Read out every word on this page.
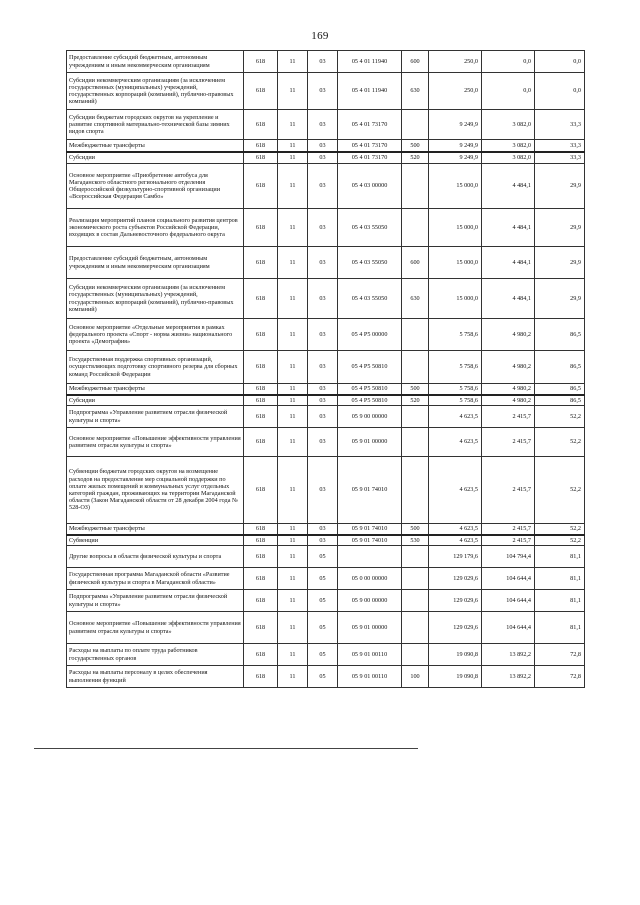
169
Предоставление субсидий бюджетным, автономным учреждениям и иным некоммерческим организациям	618	11	03	05 4 01 11940	600	250,0	0,0	0,0
Субсидии некоммерческим организациям (за исключением государственных (муниципальных) учреждений, государственных корпораций (компаний), публично-правовых компаний)	618	11	03	05 4 01 11940	630	250,0	0,0	0,0
Субсидии бюджетам городских округов на укрепление и развитие спортивной материально-технической базы зимних видов спорта	618	11	03	05 4 01 73170		9 249,9	3 082,0	33,3
Межбюджетные трансферты	618	11	03	05 4 01 73170	500	9 249,9	3 082,0	33,3
Субсидии	618	11	03	05 4 01 73170	520	9 249,9	3 082,0	33,3
Основное мероприятие «Приобретение автобуса для Магаданского областного регионального отделения Общероссийской физкультурно-спортивной организации «Всероссийская Федерация Самбо»	618	11	03	05 4 03 00000		15 000,0	4 484,1	29,9
Реализация мероприятий планов социального развития центров экономического роста субъектов Российской Федерации, входящих в состав Дальневосточного федерального округа	618	11	03	05 4 03 55050		15 000,0	4 484,1	29,9
Предоставление субсидий бюджетным, автономным учреждениям и иным некоммерческим организациям	618	11	03	05 4 03 55050	600	15 000,0	4 484,1	29,9
Субсидии некоммерческим организациям (за исключением государственных (муниципальных) учреждений, государственных корпораций (компаний), публично-правовых компаний)	618	11	03	05 4 03 55050	630	15 000,0	4 484,1	29,9
Основное мероприятие «Отдельные мероприятия в рамках федерального проекта «Спорт - норма жизни» национального проекта «Демография»	618	11	03	05 4 P5 00000		5 758,6	4 980,2	86,5
Государственная поддержка спортивных организаций, осуществляющих подготовку спортивного резерва для сборных команд Российской Федерации	618	11	03	05 4 P5 50810		5 758,6	4 980,2	86,5
Межбюджетные трансферты	618	11	03	05 4 P5 50810	500	5 758,6	4 980,2	86,5
Субсидии	618	11	03	05 4 P5 50810	520	5 758,6	4 980,2	86,5
Подпрограмма «Управление развитием отрасли физической культуры и спорта»	618	11	03	05 9 00 00000		4 623,5	2 415,7	52,2
Основное мероприятие «Повышение эффективности управления развитием отрасли культуры и спорта»	618	11	03	05 9 01 00000		4 623,5	2 415,7	52,2
Субвенции бюджетам городских округов на возмещение расходов на предоставление мер социальной поддержки по оплате жилых помещений и коммунальных услуг отдельных категорий граждан, проживающих на территории Магаданской области (Закон Магаданской области от 28 декабря 2004 года № 528-ОЗ)	618	11	03	05 9 01 74010		4 623,5	2 415,7	52,2
Межбюджетные трансферты	618	11	03	05 9 01 74010	500	4 623,5	2 415,7	52,2
Субвенции	618	11	03	05 9 01 74010	530	4 623,5	2 415,7	52,2
Другие вопросы в области физической культуры и спорта	618	11	05			129 179,6	104 794,4	81,1
Государственная программа Магаданской области «Развитие физической культуры и спорта в Магаданской области»	618	11	05	05 0 00 00000		129 029,6	104 644,4	81,1
Подпрограмма «Управление развитием отрасли физической культуры и спорта»	618	11	05	05 9 00 00000		129 029,6	104 644,4	81,1
Основное мероприятие «Повышение эффективности управления развитием отрасли культуры и спорта»	618	11	05	05 9 01 00000		129 029,6	104 644,4	81,1
Расходы на выплаты по оплате труда работников государственных органов	618	11	05	05 9 01 00110		19 090,8	13 892,2	72,8
Расходы на выплаты персоналу в целях обеспечения выполнения функций	618	11	05	05 9 01 00110	100	19 090,8	13 892,2	72,8
